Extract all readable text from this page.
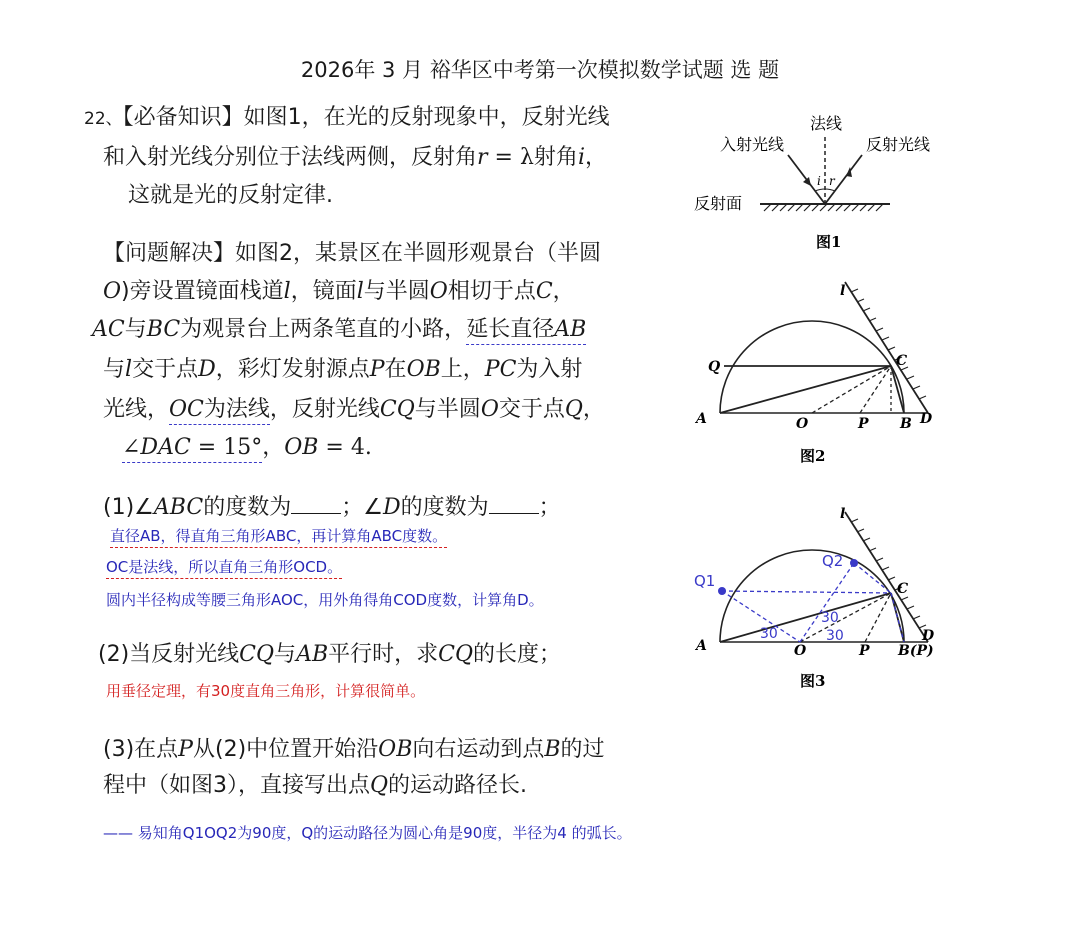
2026年 3 月 裕华区中考第一次模拟数学试题 选 题
22、【必备知识】如图1，在光的反射现象中，反射光线
和入射光线分别位于法线两侧，反射角r = λ射角i，
这就是光的反射定律.
【问题解决】如图2，某景区在半圆形观景台（半圆
O)旁设置镜面栈道l，镜面l与半圆O相切于点C，
AC与BC为观景台上两条笔直的小路，延长直径AB
与l交于点D，彩灯发射源点P在OB上，PC为入射
光线，OC为法线，反射光线CQ与半圆O交于点Q，
∠DAC = 15°，OB = 4.
(1)∠ABC的度数为 ；∠D的度数为 ；
直径AB，得直角三角形ABC，再计算角ABC度数。
OC是法线，所以直角三角形OCD。
圆内半径构成等腰三角形AOC，用外角得角COD度数，计算角D。
(2)当反射光线CQ与AB平行时，求CQ的长度；
用垂径定理，有30度直角三角形，计算很简单。
(3)在点P从(2)中位置开始沿OB向右运动到点B的过
程中（如图3），直接写出点Q的运动路径长.
—— 易知角Q1OQ2为90度，Q的运动路径为圆心角是90度，半径为4 的弧长。
i r
法线
入射光线	反射光线
反射面
图1
l
Q	C
A	O	P B D
图2
l
Q1
Q2
C
A	O	P B(P)
D
30
30
30
图3
